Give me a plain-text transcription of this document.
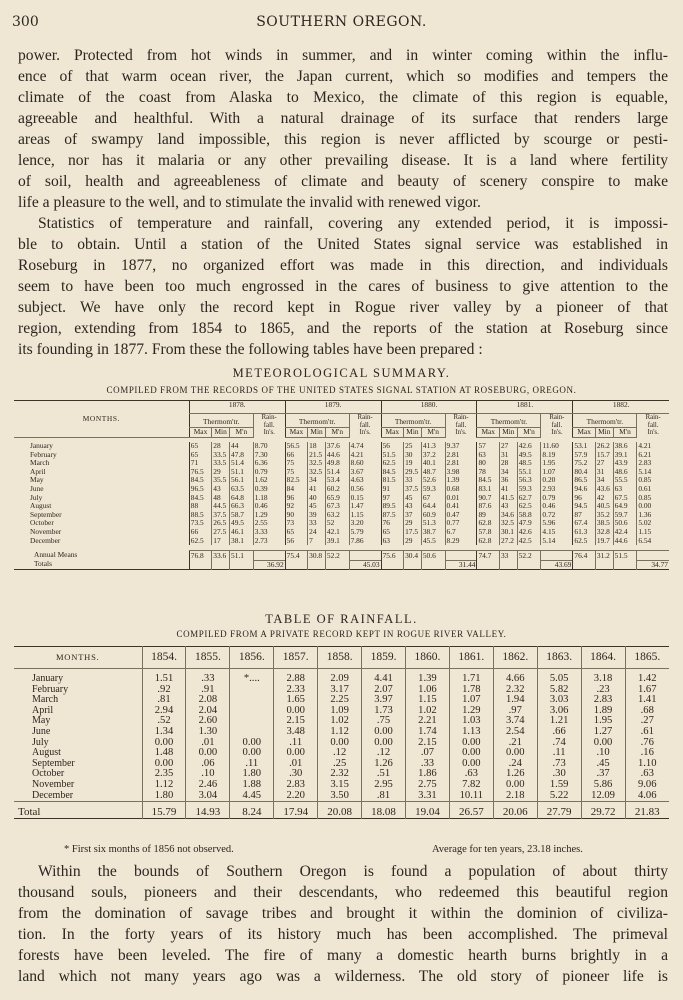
300	SOUTHERN OREGON.
power. Protected from hot winds in summer, and in winter coming within the influ-
ence of that warm ocean river, the Japan current, which so modifies and tempers the
climate of the coast from Alaska to Mexico, the climate of this region is equable,
agreeable and healthful. With a natural drainage of its surface that renders large
areas of swampy land impossible, this region is never afflicted by scourge or pesti-
lence, nor has it malaria or any other prevailing disease. It is a land where fertility
of soil, health and agreeableness of climate and beauty of scenery conspire to make
life a pleasure to the well, and to stimulate the invalid with renewed vigor.
Statistics of temperature and rainfall, covering any extended period, it is impossi-
ble to obtain. Until a station of the United States signal service was established in
Roseburg in 1877, no organized effort was made in this direction, and individuals
seem to have been too much engrossed in the cares of business to give attention to the
subject. We have only the record kept in Rogue river valley by a pioneer of that
region, extending from 1854 to 1865, and the reports of the station at Roseburg since
its founding in 1877. From these the following tables have been prepared :
METEOROLOGICAL SUMMARY.
COMPILED FROM THE RECORDS OF THE UNITED STATES SIGNAL STATION AT ROSEBURG, OREGON.
MONTHS.	1878.				1879.				1880.				1881.				1882.			
	Thermom'tr.			Rain-
fall.
In's.	Thermom'tr.			Rain-
fall.
In's.	Thermom'tr.			Rain-
fall.
In's.	Thermom'tr.			Rain-
fall.
In's.	Thermom'tr.			Rain-
fall.
In's.
	Max	Min	M'n		Max	Min	M'n		Max	Min	M'n		Max	Min	M'n		Max	Min	M'n	

January	65	28	44	8.70	56.5	18	37.6	4.74	56	25	41.3	9.37	57	27	42.6	11.60	53.1	26.2	38.6	4.21
February	65	33.5	47.8	7.30	66	21.5	44.6	4.21	51.5	30	37.2	2.81	63	31	49.5	8.19	57.9	15.7	39.1	6.21
March	71	33.5	51.4	6.36	75	32.5	49.8	8.60	62.5	19	40.1	2.81	80	28	48.5	1.95	75.2	27	43.9	2.83
April	76.5	29	51.1	0.79	75	32.5	51.4	3.67	84.5	29.5	48.7	3.98	78	34	55.1	1.07	80.4	31	48.6	5.14
May	84.5	35.5	56.1	1.62	82.5	34	53.4	4.63	81.5	33	52.6	1.39	84.5	36	56.3	0.20	86.5	34	55.5	0.85
June	96.5	43	63.5	0.39	84	41	60.2	0.56	91	37.5	59.3	0.68	83.1	41	59.3	2.93	94.6	43.6	63	0.61
July	84.5	48	64.8	1.18	96	40	65.9	0.15	97	45	67	0.01	90.7	41.5	62.7	0.79	96	42	67.5	0.85
August	88	44.5	66.3	0.46	92	45	67.3	1.47	89.5	43	64.4	0.41	87.6	43	62.5	0.46	94.5	40.5	64.9	0.00
September	88.5	37.5	58.7	1.29	90	39	63.2	1.15	87.5	37	60.9	0.47	89	34.6	58.8	0.72	87	35.2	59.7	1.36
October	73.5	26.5	49.5	2.55	73	33	52	3.20	76	29	51.3	0.77	62.8	32.5	47.9	5.96	67.4	38.5	50.6	5.02
November	66	27.5	46.1	3.33	65	24	42.1	5.79	65	17.5	38.7	6.7	57.8	30.1	42.6	4.15	61.3	32.8	42.4	1.15
December	62.5	17	38.1	2.73	56	7	39.1	7.86	63	29	45.5	8.29	62.8	27.2	42.5	5.14	62.5	19.7	44.6	6.54

Annual Means	76.8	33.6	51.1		75.4	30.8	52.2		75.6	30.4	50.6		74.7	33	52.2		76.4	31.2	51.5	
Totals				36.92				45.03				31.44				43.69				34.77
TABLE OF RAINFALL.
COMPILED FROM A PRIVATE RECORD KEPT IN ROGUE RIVER VALLEY.
MONTHS.	1854.	1855.	1856.	1857.	1858.	1859.	1860.	1861.	1862.	1863.	1864.	1865.
January	1.51	.33	*....	2.88	2.09	4.41	1.39	1.71	4.66	5.05	3.18	1.42
February	.92	.91		2.33	3.17	2.07	1.06	1.78	2.32	5.82	.23	1.67
March	.81	2.08		1.65	2.25	3.97	1.15	1.07	1.94	3.03	2.83	1.41
April	2.94	2.04		0.00	1.09	1.73	1.02	1.29	.97	3.06	1.89	.68
May	.52	2.60		2.15	1.02	.75	2.21	1.03	3.74	1.21	1.95	.27
June	1.34	1.30		3.48	1.12	0.00	1.74	1.13	2.54	.66	1.27	.61
July	0.00	.01	0.00	.11	0.00	0.00	2.15	0.00	.21	.74	0.00	.76
August	1.48	0.00	0.00	0.00	.12	.12	.07	0.00	0.00	.11	.10	.16
September	0.00	.06	.11	.01	.25	1.26	.33	0.00	.24	.73	.45	1.10
October	2.35	.10	1.80	.30	2.32	.51	1.86	.63	1.26	.30	.37	.63
November	1.12	2.46	1.88	2.83	3.15	2.95	2.75	7.82	0.00	1.59	5.86	9.06
December	1.80	3.04	4.45	2.20	3.50	.81	3.31	10.11	2.18	5.22	12.09	4.06
Total	15.79	14.93	8.24	17.94	20.08	18.08	19.04	26.57	20.06	27.79	29.72	21.83
* First six months of 1856 not observed.	Average for ten years, 23.18 inches.
Within the bounds of Southern Oregon is found a population of about thirty
thousand souls, pioneers and their descendants, who redeemed this beautiful region
from the domination of savage tribes and brought it within the dominion of civiliza-
tion. In the forty years of its history much has been accomplished. The primeval
forests have been leveled. The fire of many a domestic hearth burns brightly in a
land which not many years ago was a wilderness. The old story of pioneer life is
